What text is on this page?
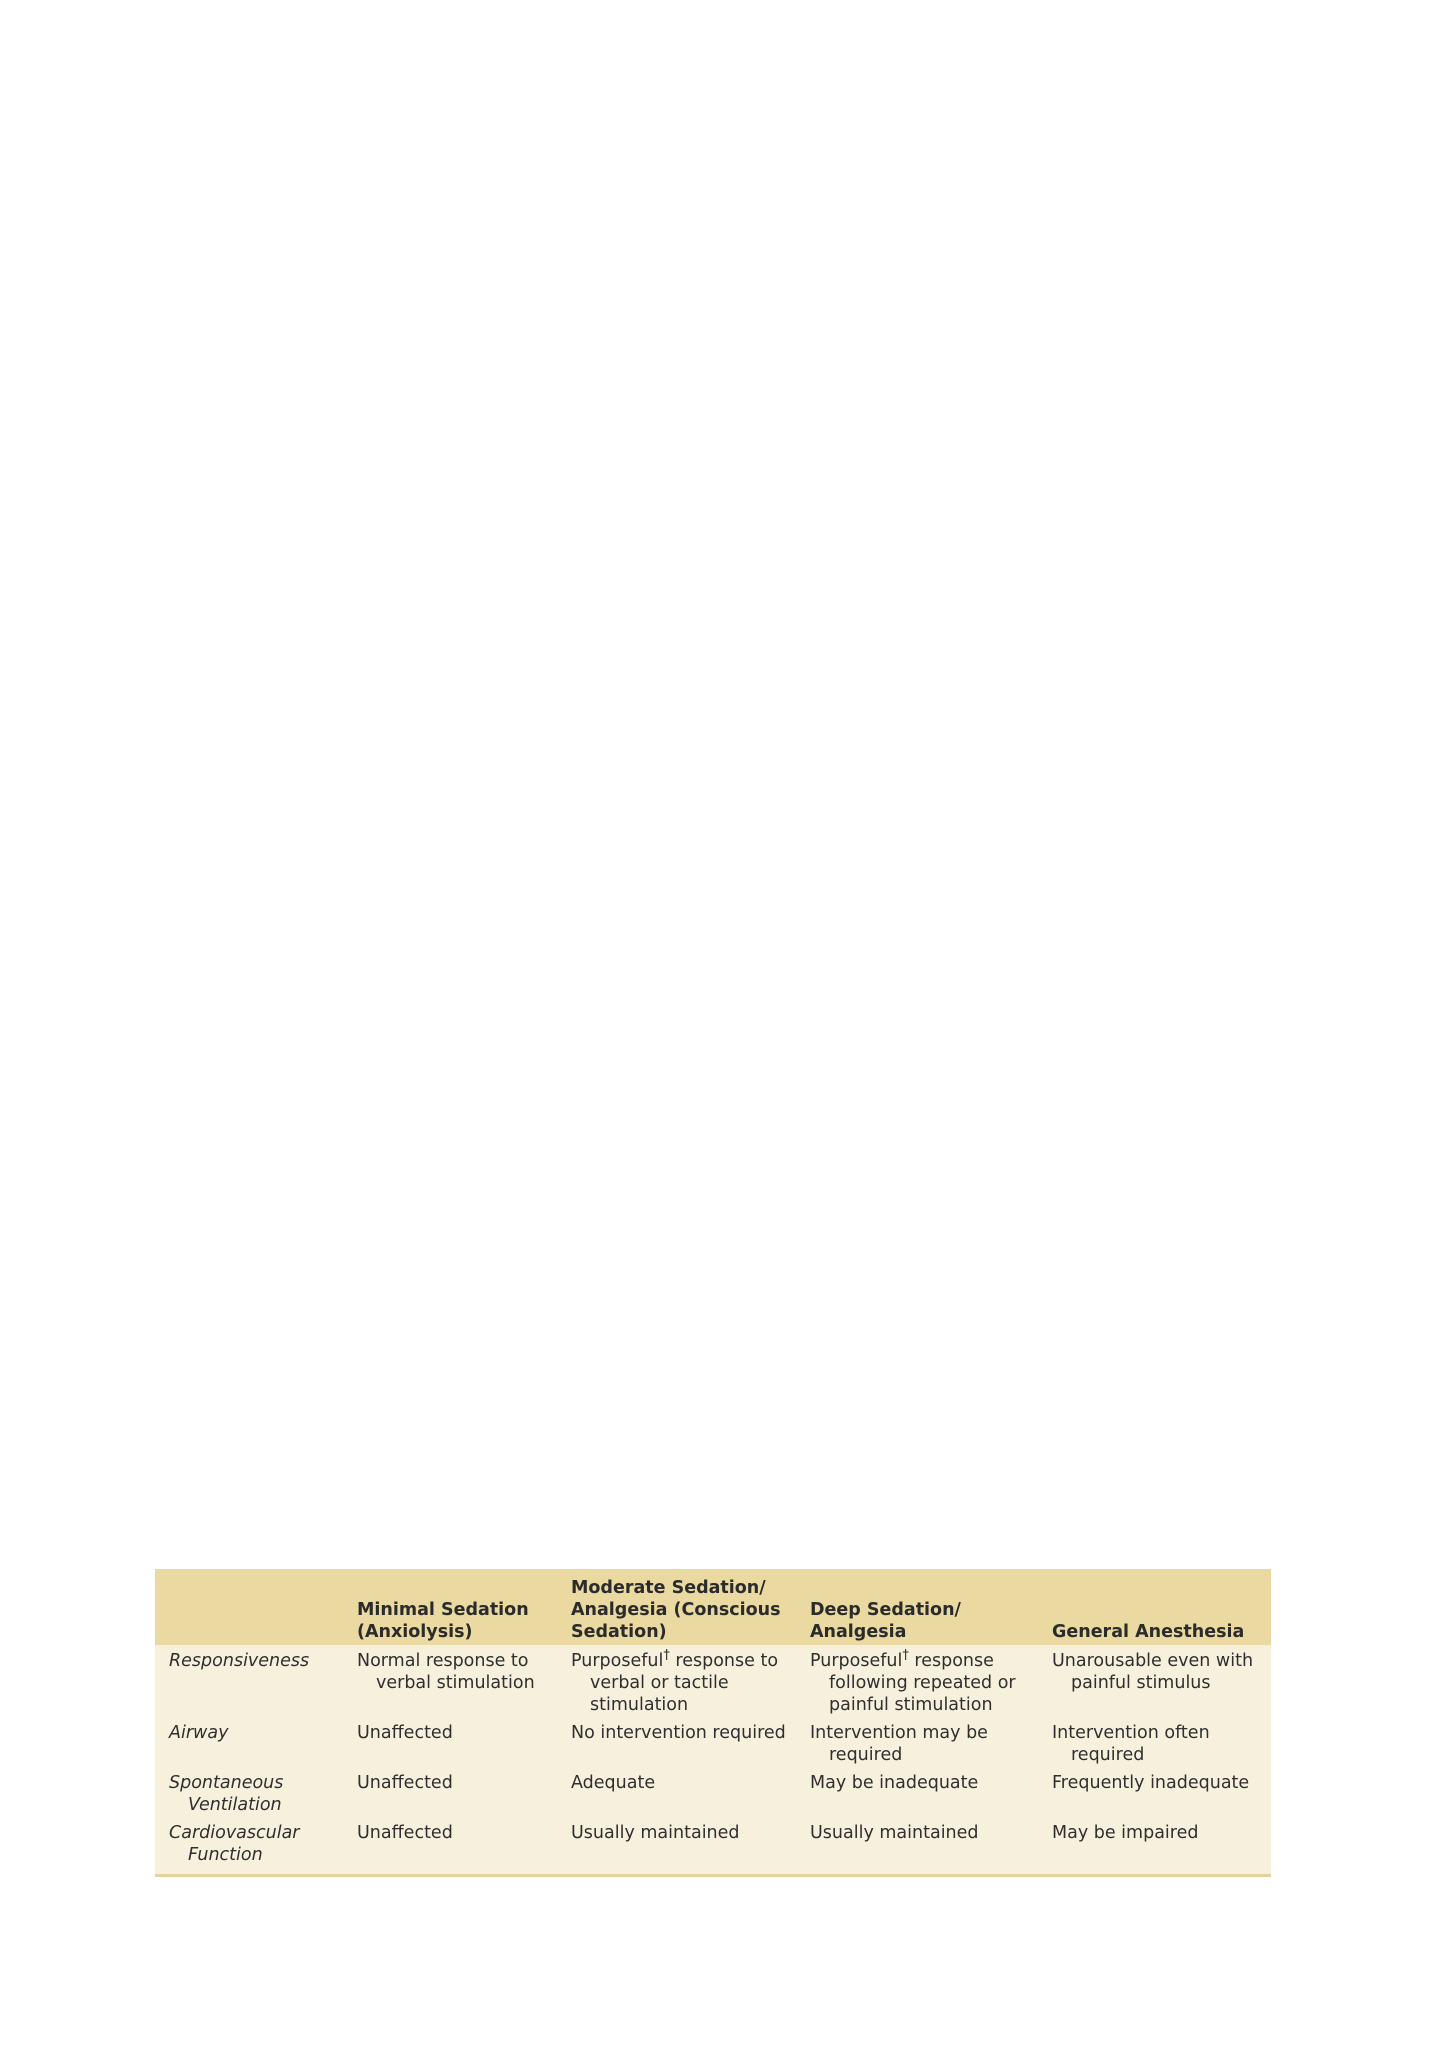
	Minimal Sedation (Anxiolysis)	Moderate Sedation/ Analgesia (Conscious Sedation)	Deep Sedation/ Analgesia	General Anesthesia

Responsiveness	Normal response to verbal stimulation	Purposeful† response to verbal or tactile stimulation	Purposeful† response following repeated or painful stimulation	Unarousable even with painful stimulus

Airway	Unaffected	No intervention required	Intervention may be required	Intervention often required

Spontaneous Ventilation	Unaffected	Adequate	May be inadequate	Frequently inadequate

Cardiovascular Function	Unaffected	Usually maintained	Usually maintained	May be impaired
